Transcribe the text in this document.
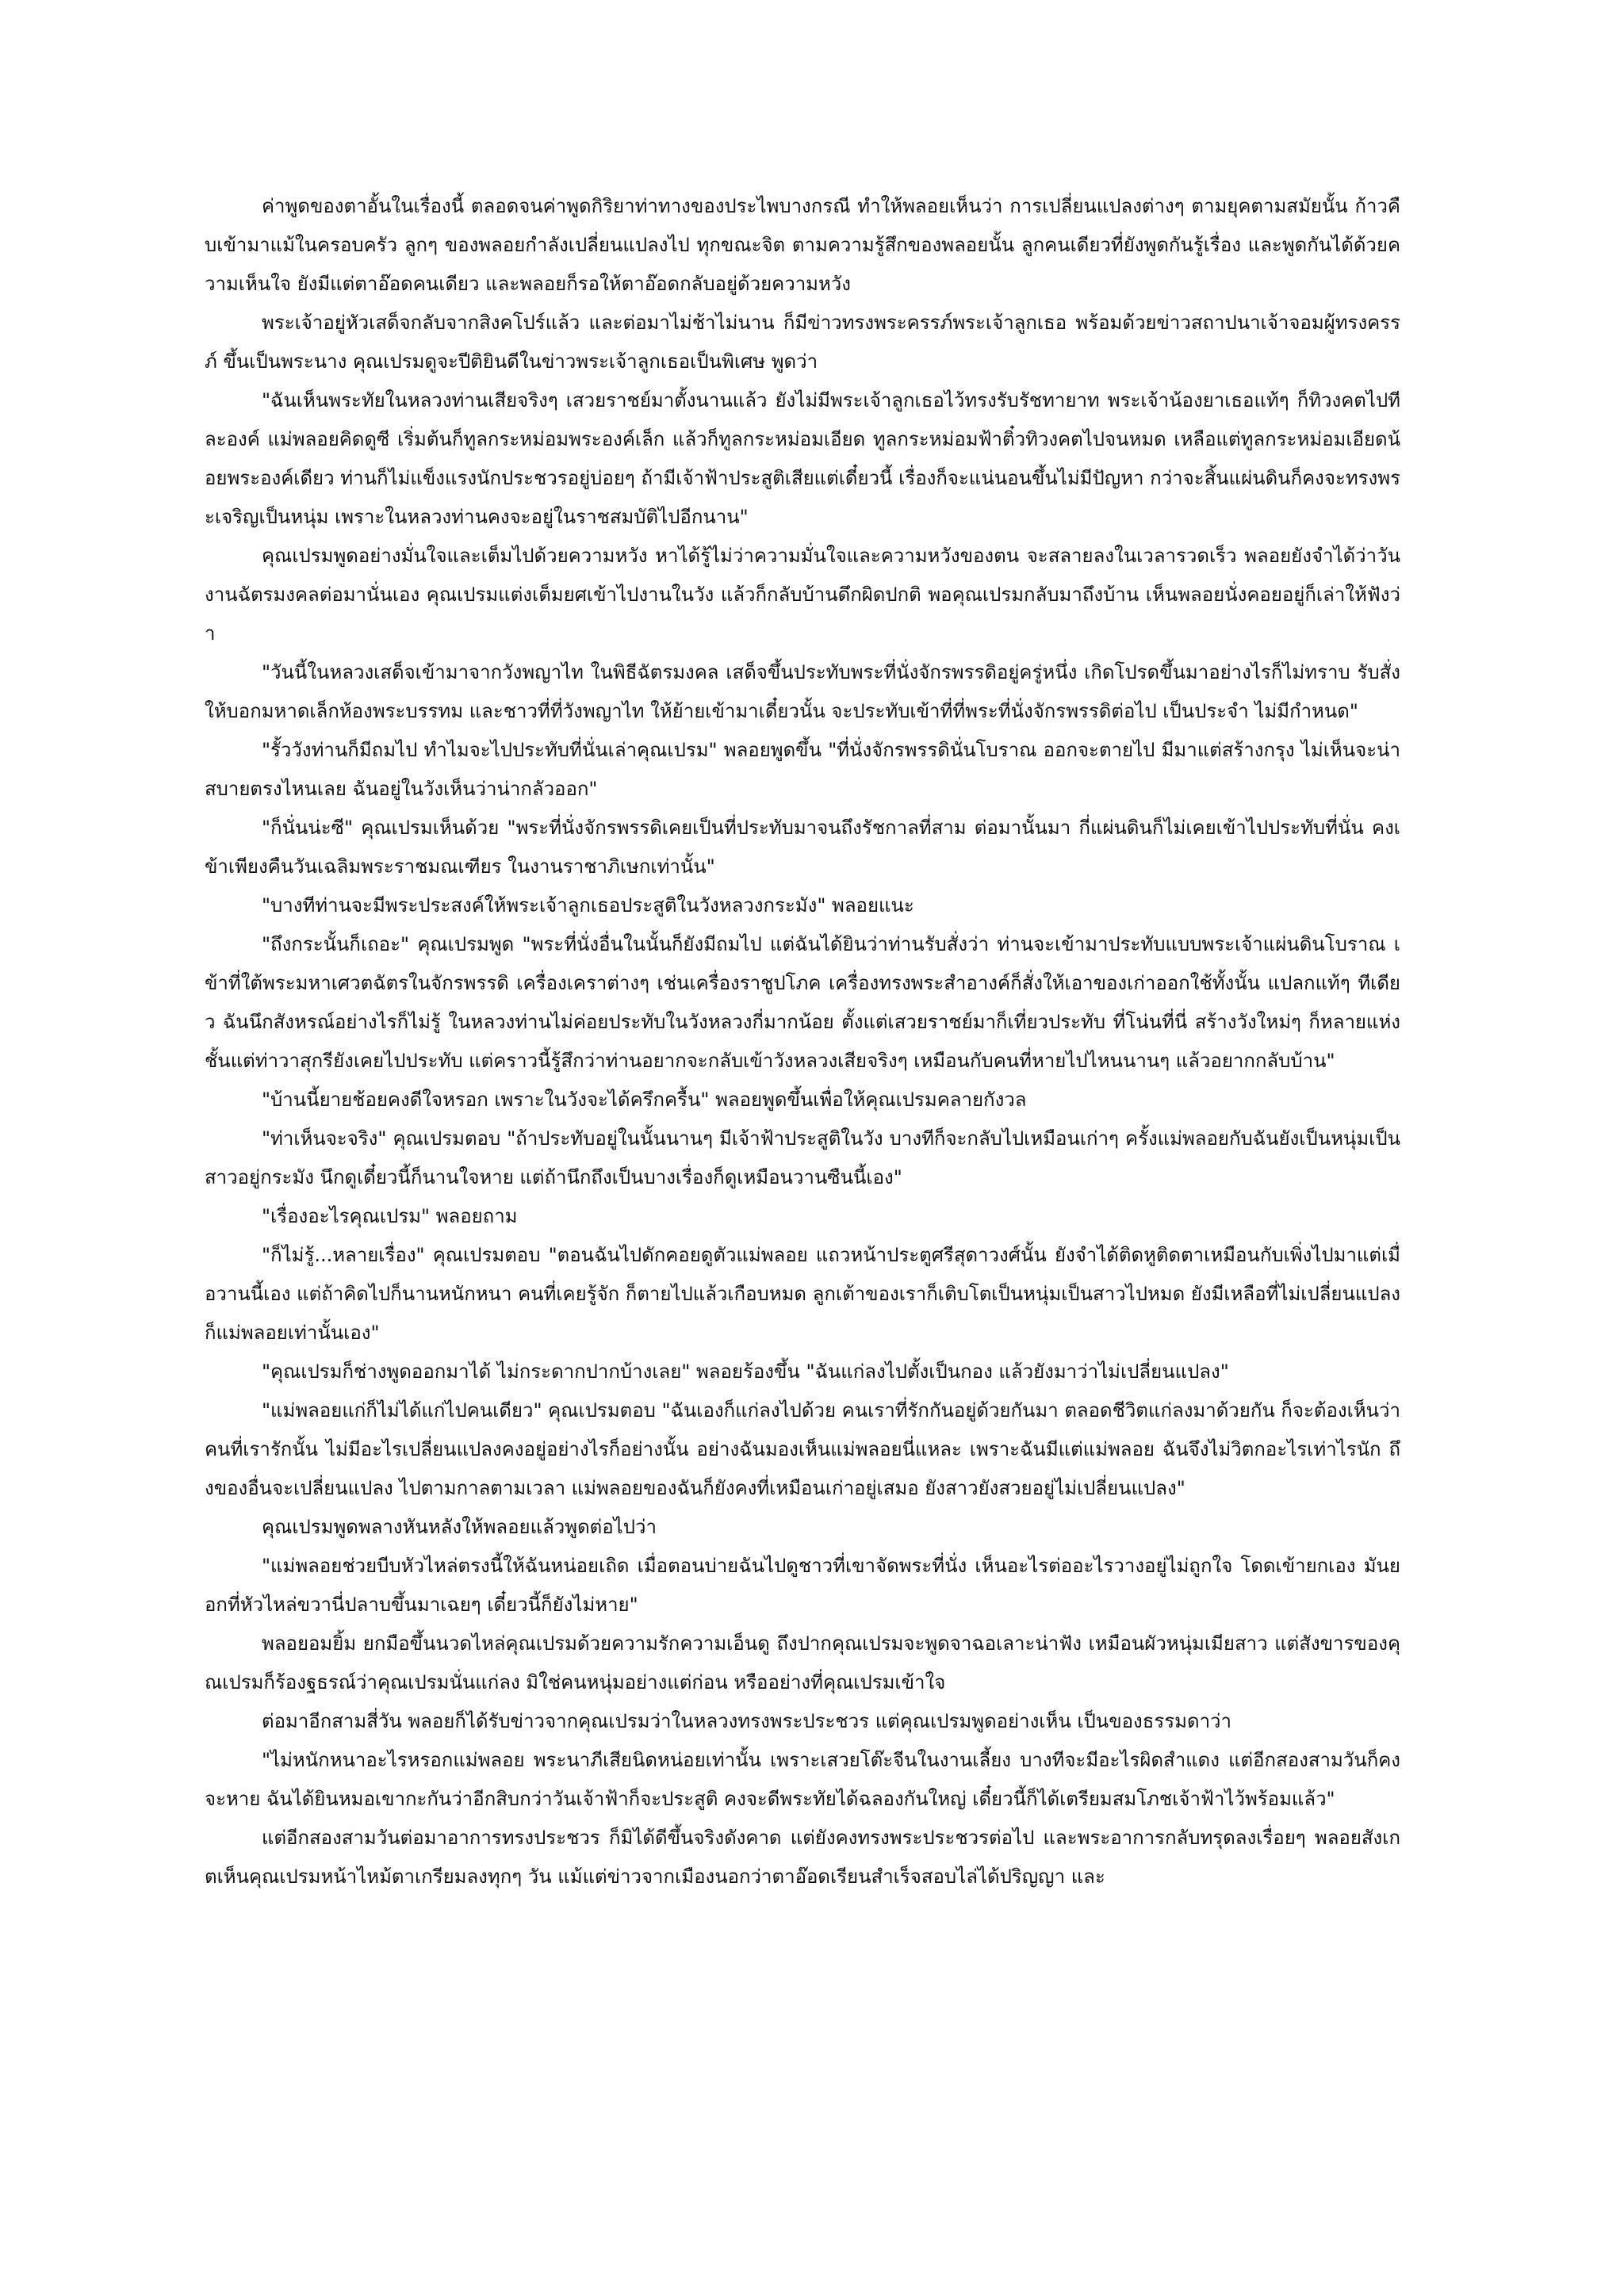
ค่าพูดของตาอั้นในเรื่องนี้ ตลอดจนค่าพูดกิริยาท่าทางของประไพบางกรณี ทำให้พลอยเห็นว่า การเปลี่ยนแปลงต่างๆ ตามยุคตามสมัยนั้น ก้าวคืบเข้ามาแม้ในครอบครัว ลูกๆ ของพลอยกำลังเปลี่ยนแปลงไป ทุกขณะจิต ตามความรู้สึกของพลอยนั้น ลูกคนเดียวที่ยังพูดกันรู้เรื่อง และพูดกันได้ด้วยความเห็นใจ ยังมีแต่ตาอ๊อดคนเดียว และพลอยก็รอให้ตาอ๊อดกลับอยู่ด้วยความหวัง

พระเจ้าอยู่หัวเสด็จกลับจากสิงคโปร์แล้ว และต่อมาไม่ช้าไม่นาน ก็มีข่าวทรงพระครรภ์พระเจ้าลูกเธอ พร้อมด้วยข่าวสถาปนาเจ้าจอมผู้ทรงครรภ์ ขึ้นเป็นพระนาง คุณเปรมดูจะปีติยินดีในข่าวพระเจ้าลูกเธอเป็นพิเศษ พูดว่า

"ฉันเห็นพระทัยในหลวงท่านเสียจริงๆ เสวยราชย์มาตั้งนานแล้ว ยังไม่มีพระเจ้าลูกเธอไว้ทรงรับรัชทายาท พระเจ้าน้องยาเธอแท้ๆ ก็ทิวงคตไปทีละองค์ แม่พลอยคิดดูซี เริ่มต้นก็ทูลกระหม่อมพระองค์เล็ก แล้วก็ทูลกระหม่อมเอียด ทูลกระหม่อมฟ้าติ๋วทิวงคตไปจนหมด เหลือแต่ทูลกระหม่อมเอียดน้อยพระองค์เดียว ท่านก็ไม่แข็งแรงนักประชวรอยู่บ่อยๆ ถ้ามีเจ้าฟ้าประสูติเสียแต่เดี๋ยวนี้ เรื่องก็จะแน่นอนขึ้นไม่มีปัญหา กว่าจะสิ้นแผ่นดินก็คงจะทรงพระเจริญเป็นหนุ่ม เพราะในหลวงท่านคงจะอยู่ในราชสมบัติไปอีกนาน"

คุณเปรมพูดอย่างมั่นใจและเต็มไปด้วยความหวัง หาได้รู้ไม่ว่าความมั่นใจและความหวังของตน จะสลายลงในเวลารวดเร็ว พลอยยังจำได้ว่าวันงานฉัตรมงคลต่อมานั่นเอง คุณเปรมแต่งเต็มยศเข้าไปงานในวัง แล้วก็กลับบ้านดึกผิดปกติ พอคุณเปรมกลับมาถึงบ้าน เห็นพลอยนั่งคอยอยู่ก็เล่าให้ฟังว่า

"วันนี้ในหลวงเสด็จเข้ามาจากวังพญาไท ในพิธีฉัตรมงคล เสด็จขึ้นประทับพระที่นั่งจักรพรรดิอยู่ครู่หนึ่ง เกิดโปรดขึ้นมาอย่างไรก็ไม่ทราบ รับสั่งให้บอกมหาดเล็กห้องพระบรรทม และชาวที่ที่วังพญาไท ให้ย้ายเข้ามาเดี๋ยวนั้น จะประทับเข้าที่ที่พระที่นั่งจักรพรรดิต่อไป เป็นประจำ ไม่มีกำหนด"

"รั้ววังท่านก็มีถมไป ทำไมจะไปประทับที่นั่นเล่าคุณเปรม" พลอยพูดขึ้น "ที่นั่งจักรพรรดินั่นโบราณ ออกจะตายไป มีมาแต่สร้างกรุง ไม่เห็นจะน่าสบายตรงไหนเลย ฉันอยู่ในวังเห็นว่าน่ากลัวออก"

"ก็นั่นน่ะซี" คุณเปรมเห็นด้วย "พระที่นั่งจักรพรรดิเคยเป็นที่ประทับมาจนถึงรัชกาลที่สาม ต่อมานั้นมา กี่แผ่นดินก็ไม่เคยเข้าไปประทับที่นั่น คงเข้าเพียงคืนวันเฉลิมพระราชมณเฑียร ในงานราชาภิเษกเท่านั้น"

"บางทีท่านจะมีพระประสงค์ให้พระเจ้าลูกเธอประสูติในวังหลวงกระมัง" พลอยแนะ

"ถึงกระนั้นก็เถอะ" คุณเปรมพูด "พระที่นั่งอื่นในนั้นก็ยังมีถมไป แต่ฉันได้ยินว่าท่านรับสั่งว่า ท่านจะเข้ามาประทับแบบพระเจ้าแผ่นดินโบราณ เข้าที่ใต้พระมหาเศวตฉัตรในจักรพรรดิ เครื่องเคราต่างๆ เช่นเครื่องราชูปโภค เครื่องทรงพระสำอางค์ก็สั่งให้เอาของเก่าออกใช้ทั้งนั้น แปลกแท้ๆ ทีเดียว ฉันนึกสังหรณ์อย่างไรก็ไม่รู้ ในหลวงท่านไม่ค่อยประทับในวังหลวงกี่มากน้อย ตั้งแต่เสวยราชย์มาก็เที่ยวประทับ ที่โน่นที่นี่ สร้างวังใหม่ๆ ก็หลายแห่ง ชั้นแต่ท่าวาสุกรียังเคยไปประทับ แต่คราวนี้รู้สึกว่าท่านอยากจะกลับเข้าวังหลวงเสียจริงๆ เหมือนกับคนที่หายไปไหนนานๆ แล้วอยากกลับบ้าน"

"บ้านนี้ยายช้อยคงดีใจหรอก เพราะในวังจะได้ครึกครื้น" พลอยพูดขึ้นเพื่อให้คุณเปรมคลายกังวล

"ท่าเห็นจะจริง" คุณเปรมตอบ "ถ้าประทับอยู่ในนั้นนานๆ มีเจ้าฟ้าประสูติในวัง บางทีก็จะกลับไปเหมือนเก่าๆ ครั้งแม่พลอยกับฉันยังเป็นหนุ่มเป็นสาวอยู่กระมัง นึกดูเดี๋ยวนี้ก็นานใจหาย แต่ถ้านึกถึงเป็นบางเรื่องก็ดูเหมือนวานซืนนี้เอง"

"เรื่องอะไรคุณเปรม" พลอยถาม

"ก็ไม่รู้...หลายเรื่อง" คุณเปรมตอบ "ตอนฉันไปดักคอยดูตัวแม่พลอย แถวหน้าประตูศรีสุดาวงศ์นั้น ยังจำได้ติดหูติดตาเหมือนกับเพิ่งไปมาแต่เมื่อวานนี้เอง แต่ถ้าคิดไปก็นานหนักหนา คนที่เคยรู้จัก ก็ตายไปแล้วเกือบหมด ลูกเต้าของเราก็เติบโตเป็นหนุ่มเป็นสาวไปหมด ยังมีเหลือที่ไม่เปลี่ยนแปลง ก็แม่พลอยเท่านั้นเอง"

"คุณเปรมก็ช่างพูดออกมาได้ ไม่กระดากปากบ้างเลย" พลอยร้องขึ้น "ฉันแก่ลงไปตั้งเป็นกอง แล้วยังมาว่าไม่เปลี่ยนแปลง"

"แม่พลอยแก่ก็ไม่ได้แก่ไปคนเดียว" คุณเปรมตอบ "ฉันเองก็แก่ลงไปด้วย คนเราที่รักกันอยู่ด้วยกันมา ตลอดชีวิตแก่ลงมาด้วยกัน ก็จะต้องเห็นว่าคนที่เรารักนั้น ไม่มีอะไรเปลี่ยนแปลงคงอยู่อย่างไรก็อย่างนั้น อย่างฉันมองเห็นแม่พลอยนี่แหละ เพราะฉันมีแต่แม่พลอย ฉันจึงไม่วิตกอะไรเท่าไรนัก ถึงของอื่นจะเปลี่ยนแปลง ไปตามกาลตามเวลา แม่พลอยของฉันก็ยังคงที่เหมือนเก่าอยู่เสมอ ยังสาวยังสวยอยู่ไม่เปลี่ยนแปลง"

คุณเปรมพูดพลางหันหลังให้พลอยแล้วพูดต่อไปว่า

"แม่พลอยช่วยบีบหัวไหล่ตรงนี้ให้ฉันหน่อยเถิด เมื่อตอนบ่ายฉันไปดูชาวที่เขาจัดพระที่นั่ง เห็นอะไรต่ออะไรวางอยู่ไม่ถูกใจ โดดเข้ายกเอง มันยอกที่หัวไหล่ขวานี่ปลาบขึ้นมาเฉยๆ เดี๋ยวนี้ก็ยังไม่หาย"

พลอยอมยิ้ม ยกมือขึ้นนวดไหล่คุณเปรมด้วยความรักความเอ็นดู ถึงปากคุณเปรมจะพูดจาฉอเลาะน่าฟัง เหมือนผัวหนุ่มเมียสาว แต่สังขารของคุณเปรมก็ร้องฐธรณ์ว่าคุณเปรมนั่นแก่ลง มิใช่คนหนุ่มอย่างแต่ก่อน หรืออย่างที่คุณเปรมเข้าใจ

ต่อมาอีกสามสี่วัน พลอยก็ได้รับข่าวจากคุณเปรมว่าในหลวงทรงพระประชวร แต่คุณเปรมพูดอย่างเห็น เป็นของธรรมดาว่า

"ไม่หนักหนาอะไรหรอกแม่พลอย พระนาภีเสียนิดหน่อยเท่านั้น เพราะเสวยโต๊ะจีนในงานเลี้ยง บางทีจะมีอะไรผิดสำแดง แต่อีกสองสามวันก็คงจะหาย ฉันได้ยินหมอเขากะกันว่าอีกสิบกว่าวันเจ้าฟ้าก็จะประสูติ คงจะดีพระทัยได้ฉลองกันใหญ่ เดี๋ยวนี้ก็ได้เตรียมสมโภชเจ้าฟ้าไว้พร้อมแล้ว"

แต่อีกสองสามวันต่อมาอาการทรงประชวร ก็มิได้ดีขึ้นจริงดังคาด แต่ยังคงทรงพระประชวรต่อไป และพระอาการกลับทรุดลงเรื่อยๆ พลอยสังเกตเห็นคุณเปรมหน้าไหม้ตาเกรียมลงทุกๆ วัน แม้แต่ข่าวจากเมืองนอกว่าตาอ๊อดเรียนสำเร็จสอบไล่ได้ปริญญา และ
